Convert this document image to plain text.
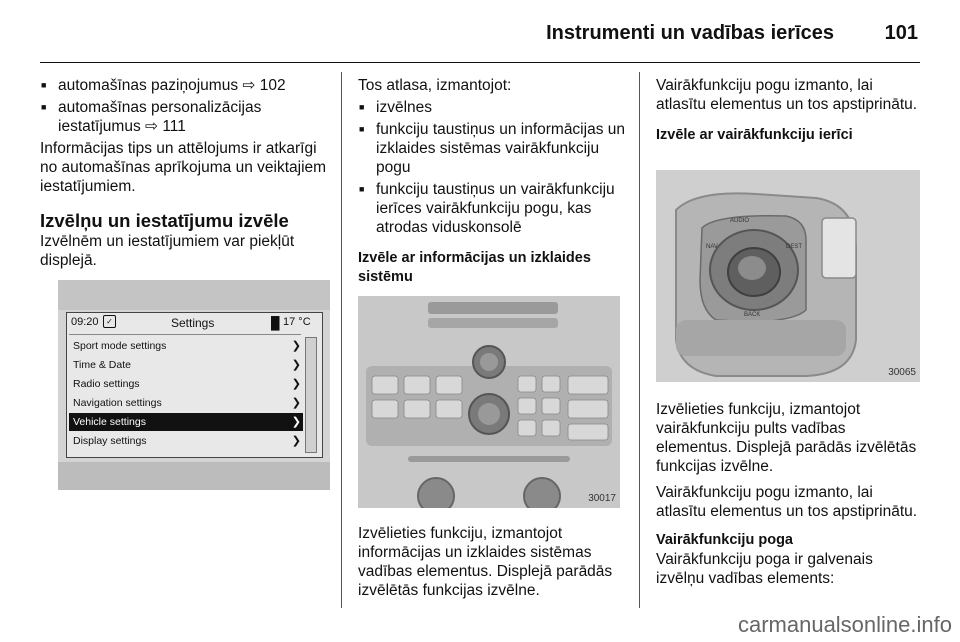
Instrumenti un vadības ierīces	101
■ automašīnas paziņojumus ⇨ 102
■ automašīnas personalizācijas
iestatījumus ⇨ 111

Informācijas tips un attēlojums ir atkarīgi no automašīnas aprīkojuma un veiktajiem iestatījumiem.

Izvēlņu un iestatījumu izvēle

Izvēlnēm un iestatījumiem var piekļūt displejā.

09:20 ✓	Settings	█ 17 °C
Sport mode settings	❯
Time & Date	❯
Radio settings	❯
Navigation settings	❯
Vehicle settings	❯
Display settings	❯

Tos atlasa, izmantojot:

■ izvēlnes
■ funkciju taustiņus un informācijas un izklaides sistēmas vairākfunkciju pogu
■ funkciju taustiņus un vairākfunkciju ierīces vairākfunkciju pogu, kas atrodas viduskonsolē

Izvēle ar informācijas un izklaides sistēmu

30017

Izvēlieties funkciju, izmantojot informācijas un izklaides sistēmas vadības elementus. Displejā parādās izvēlētās funkcijas izvēlne.

Vairākfunkciju pogu izmanto, lai atlasītu elementus un tos apstiprinātu.

Izvēle ar vairākfunkciju ierīci

AUDIO
NAV	DEST
BACK
30065

Izvēlieties funkciju, izmantojot vairākfunkciju pults vadības elementus. Displejā parādās izvēlētās funkcijas izvēlne.

Vairākfunkciju pogu izmanto, lai atlasītu elementus un tos apstiprinātu.

Vairākfunkciju poga

Vairākfunkciju poga ir galvenais izvēlņu vadības elements:

carmanualsonline.info
